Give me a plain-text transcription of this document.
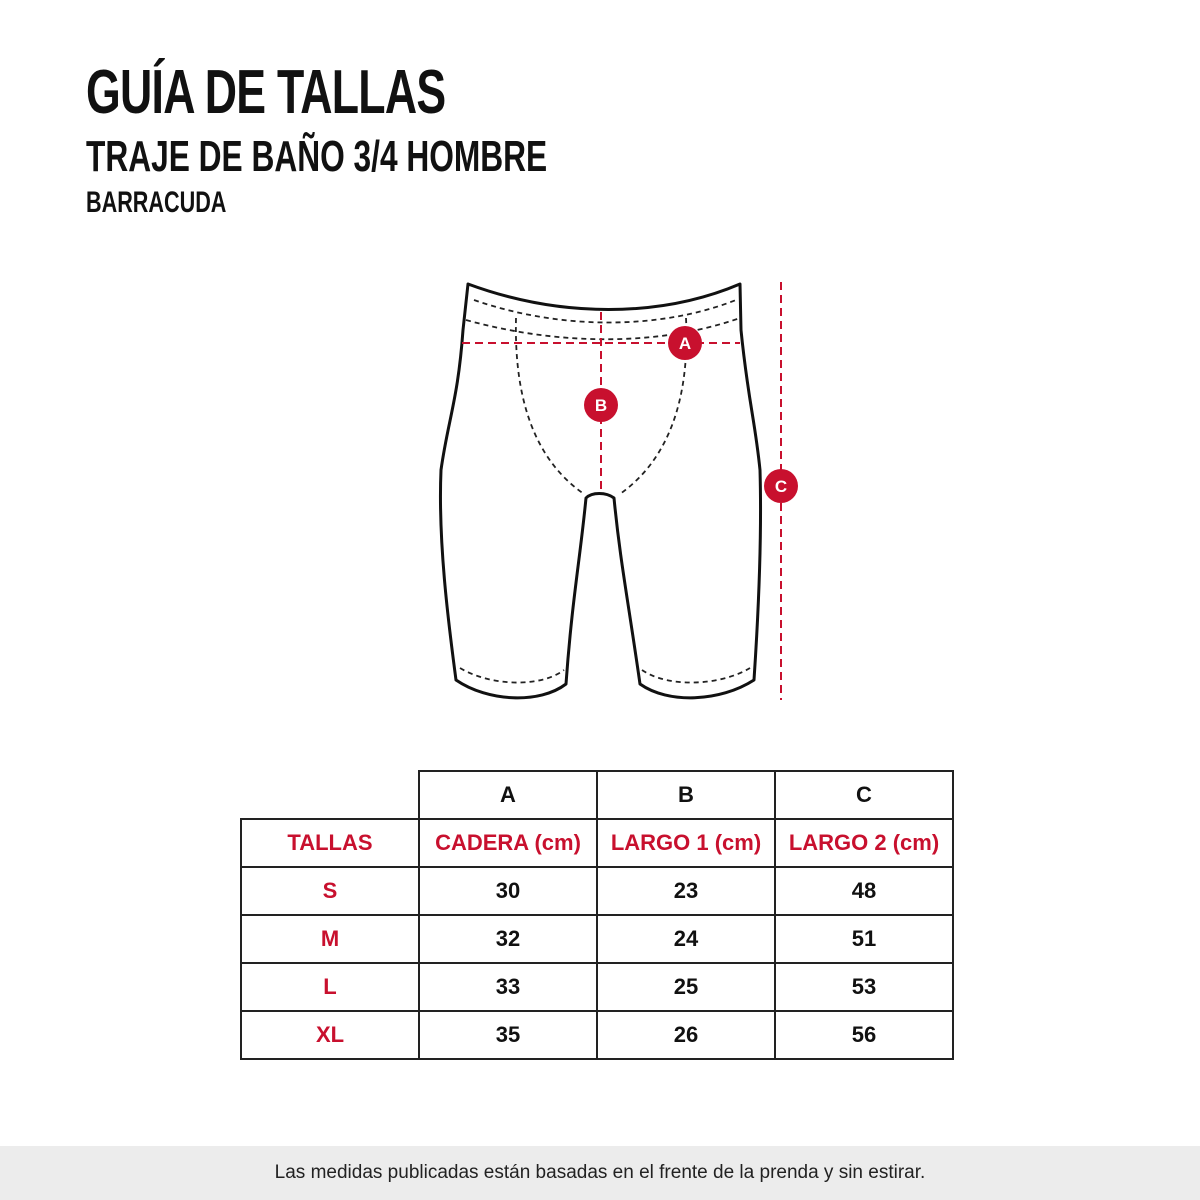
GUÍA DE TALLAS
TRAJE DE BAÑO 3/4 HOMBRE
BARRACUDA
A
B
C
	A	B	C
TALLAS	CADERA (cm)	LARGO 1 (cm)	LARGO 2 (cm)
S	30	23	48
M	32	24	51
L	33	25	53
XL	35	26	56
Las medidas publicadas están basadas en el frente de la prenda y sin estirar.
